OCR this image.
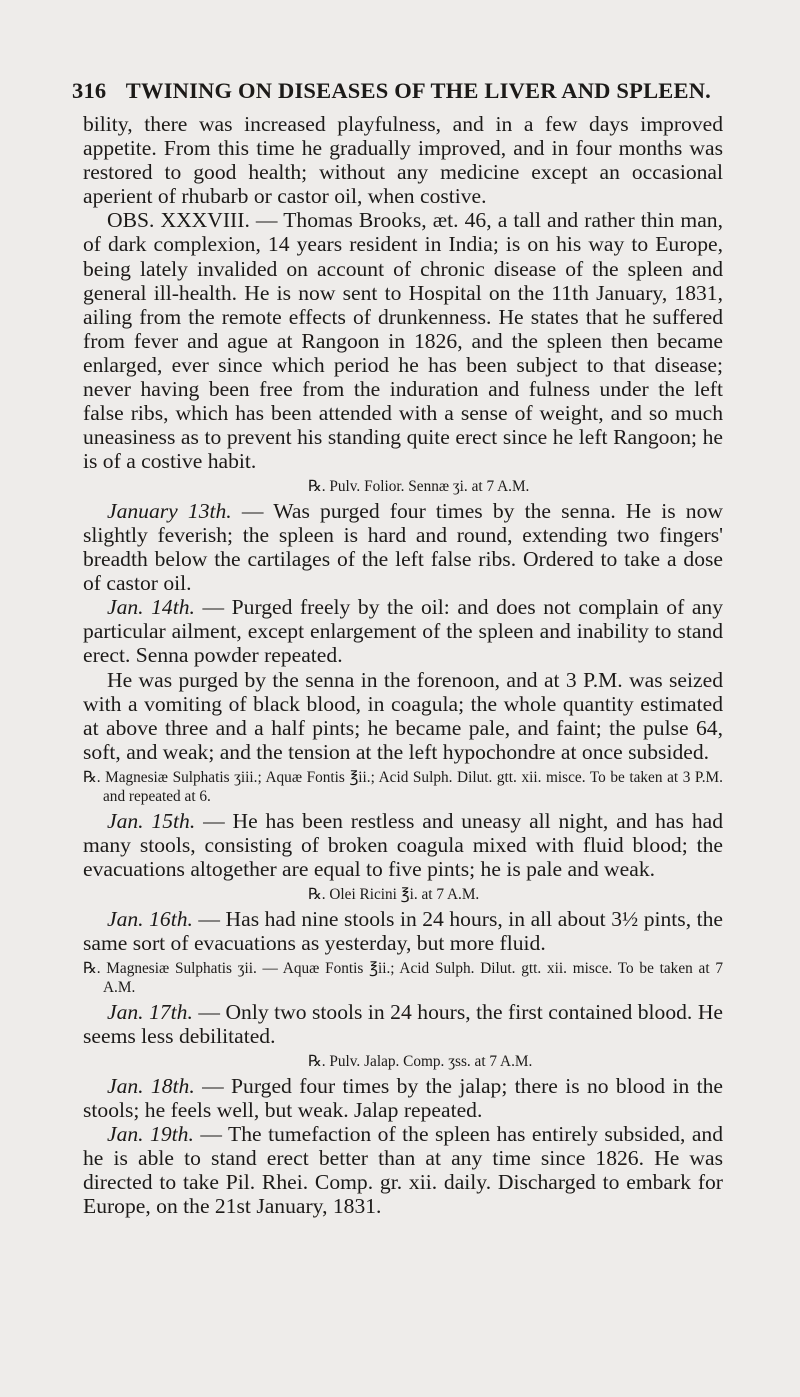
316 TWINING ON DISEASES OF THE LIVER AND SPLEEN.

bility, there was increased playfulness, and in a few days improved appetite. From this time he gradually improved, and in four months was restored to good health; without any medicine except an occasional aperient of rhubarb or castor oil, when costive.

OBS. XXXVIII. — Thomas Brooks, æt. 46, a tall and rather thin man, of dark complexion, 14 years resident in India; is on his way to Europe, being lately invalided on account of chronic disease of the spleen and general ill-health. He is now sent to Hospital on the 11th January, 1831, ailing from the remote effects of drunkenness. He states that he suffered from fever and ague at Rangoon in 1826, and the spleen then became enlarged, ever since which period he has been subject to that disease; never having been free from the induration and fulness under the left false ribs, which has been attended with a sense of weight, and so much uneasiness as to prevent his standing quite erect since he left Rangoon; he is of a costive habit.

℞. Pulv. Folior. Sennæ ʒi. at 7 A.M.

January 13th. — Was purged four times by the senna. He is now slightly feverish; the spleen is hard and round, extending two fingers' breadth below the cartilages of the left false ribs. Ordered to take a dose of castor oil.

Jan. 14th. — Purged freely by the oil: and does not complain of any particular ailment, except enlargement of the spleen and inability to stand erect. Senna powder repeated.

He was purged by the senna in the forenoon, and at 3 P.M. was seized with a vomiting of black blood, in coagula; the whole quantity estimated at above three and a half pints; he became pale, and faint; the pulse 64, soft, and weak; and the tension at the left hypochondre at once subsided.

℞. Magnesiæ Sulphatis ʒiii.; Aquæ Fontis ℥ii.; Acid Sulph. Dilut. gtt. xii. misce. To be taken at 3 P.M. and repeated at 6.

Jan. 15th. — He has been restless and uneasy all night, and has had many stools, consisting of broken coagula mixed with fluid blood; the evacuations altogether are equal to five pints; he is pale and weak.

℞. Olei Ricini ℥i. at 7 A.M.

Jan. 16th. — Has had nine stools in 24 hours, in all about 3½ pints, the same sort of evacuations as yesterday, but more fluid.

℞. Magnesiæ Sulphatis ʒii. — Aquæ Fontis ℥ii.; Acid Sulph. Dilut. gtt. xii. misce. To be taken at 7 A.M.

Jan. 17th. — Only two stools in 24 hours, the first contained blood. He seems less debilitated.

℞. Pulv. Jalap. Comp. ʒss. at 7 A.M.

Jan. 18th. — Purged four times by the jalap; there is no blood in the stools; he feels well, but weak. Jalap repeated.

Jan. 19th. — The tumefaction of the spleen has entirely subsided, and he is able to stand erect better than at any time since 1826. He was directed to take Pil. Rhei. Comp. gr. xii. daily. Discharged to embark for Europe, on the 21st January, 1831.
